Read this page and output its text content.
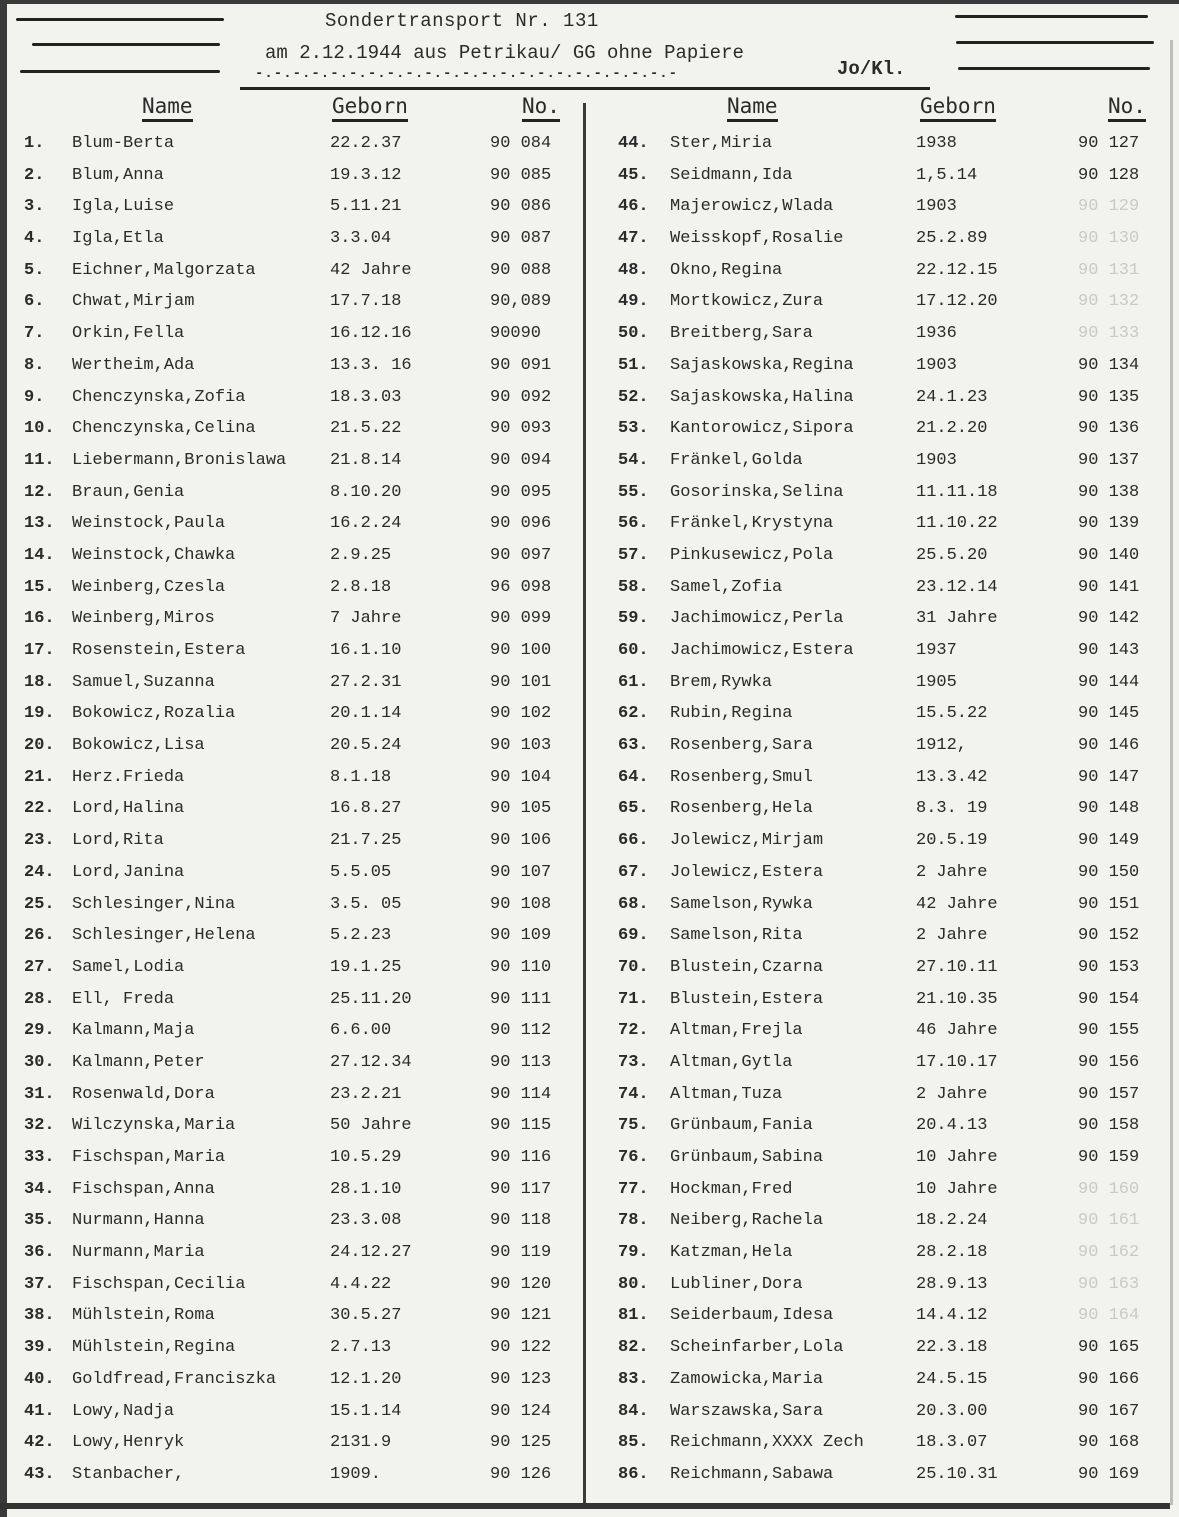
Sondertransport Nr. 131
am 2.12.1944 aus Petrikau/ GG ohne Papiere
-.-.-.-.-.-.-.-.-.-.-.-.-.-.-.-.-.-.-.-.-.-.-	Jo/Kl.
Name	Geborn	No.
1. Blum-Berta	22.2.37	90 084
2. Blum,Anna	19.3.12	90 085
3. Igla,Luise	5.11.21	90 086
4. Igla,Etla	3.3.04	90 087
5. Eichner,Malgorzata	42 Jahre	90 088
6. Chwat,Mirjam	17.7.18	90,089
7. Orkin,Fella	16.12.16	90090
8. Wertheim,Ada	13.3. 16	90 091
9. Chenczynska,Zofia	18.3.03	90 092
10. Chenczynska,Celina	21.5.22	90 093
11. Liebermann,Bronislawa	21.8.14	90 094
12. Braun,Genia	8.10.20	90 095
13. Weinstock,Paula	16.2.24	90 096
14. Weinstock,Chawka	2.9.25	90 097
15. Weinberg,Czesla	2.8.18	96 098
16. Weinberg,Miros	7 Jahre	90 099
17. Rosenstein,Estera	16.1.10	90 100
18. Samuel,Suzanna	27.2.31	90 101
19. Bokowicz,Rozalia	20.1.14	90 102
20. Bokowicz,Lisa	20.5.24	90 103
21. Herz.Frieda	8.1.18	90 104
22. Lord,Halina	16.8.27	90 105
23. Lord,Rita	21.7.25	90 106
24. Lord,Janina	5.5.05	90 107
25. Schlesinger,Nina	3.5. 05	90 108
26. Schlesinger,Helena	5.2.23	90 109
27. Samel,Lodia	19.1.25	90 110
28. Ell, Freda	25.11.20	90 111
29. Kalmann,Maja	6.6.00	90 112
30. Kalmann,Peter	27.12.34	90 113
31. Rosenwald,Dora	23.2.21	90 114
32. Wilczynska,Maria	50 Jahre	90 115
33. Fischspan,Maria	10.5.29	90 116
34. Fischspan,Anna	28.1.10	90 117
35. Nurmann,Hanna	23.3.08	90 118
36. Nurmann,Maria	24.12.27	90 119
37. Fischspan,Cecilia	4.4.22	90 120
38. Mühlstein,Roma	30.5.27	90 121
39. Mühlstein,Regina	2.7.13	90 122
40. Goldfread,Franciszka	12.1.20	90 123
41. Lowy,Nadja	15.1.14	90 124
42. Lowy,Henryk	2131.9	90 125
43. Stanbacher,	1909.	90 126
Name	Geborn	No.
44. Ster,Miria	1938	90 127
45. Seidmann,Ida	1,5.14	90 128
46. Majerowicz,Wlada	1903	90 129
47. Weisskopf,Rosalie	25.2.89	90 130
48. Okno,Regina	22.12.15	90 131
49. Mortkowicz,Zura	17.12.20	90 132
50. Breitberg,Sara	1936	90 133
51. Sajaskowska,Regina	1903	90 134
52. Sajaskowska,Halina	24.1.23	90 135
53. Kantorowicz,Sipora	21.2.20	90 136
54. Fränkel,Golda	1903	90 137
55. Gosorinska,Selina	11.11.18	90 138
56. Fränkel,Krystyna	11.10.22	90 139
57. Pinkusewicz,Pola	25.5.20	90 140
58. Samel,Zofia	23.12.14	90 141
59. Jachimowicz,Perla	31 Jahre	90 142
60. Jachimowicz,Estera	1937	90 143
61. Brem,Rywka	1905	90 144
62. Rubin,Regina	15.5.22	90 145
63. Rosenberg,Sara	1912,	90 146
64. Rosenberg,Smul	13.3.42	90 147
65. Rosenberg,Hela	8.3. 19	90 148
66. Jolewicz,Mirjam	20.5.19	90 149
67. Jolewicz,Estera	2 Jahre	90 150
68. Samelson,Rywka	42 Jahre	90 151
69. Samelson,Rita	2 Jahre	90 152
70. Blustein,Czarna	27.10.11	90 153
71. Blustein,Estera	21.10.35	90 154
72. Altman,Frejla	46 Jahre	90 155
73. Altman,Gytla	17.10.17	90 156
74. Altman,Tuza	2 Jahre	90 157
75. Grünbaum,Fania	20.4.13	90 158
76. Grünbaum,Sabina	10 Jahre	90 159
77. Hockman,Fred	10 Jahre	90 160
78. Neiberg,Rachela	18.2.24	90 161
79. Katzman,Hela	28.2.18	90 162
80. Lubliner,Dora	28.9.13	90 163
81. Seiderbaum,Idesa	14.4.12	90 164
82. Scheinfarber,Lola	22.3.18	90 165
83. Zamowicka,Maria	24.5.15	90 166
84. Warszawska,Sara	20.3.00	90 167
85. Reichmann,XXXX Zech	18.3.07	90 168
86. Reichmann,Sabawa	25.10.31	90 169
